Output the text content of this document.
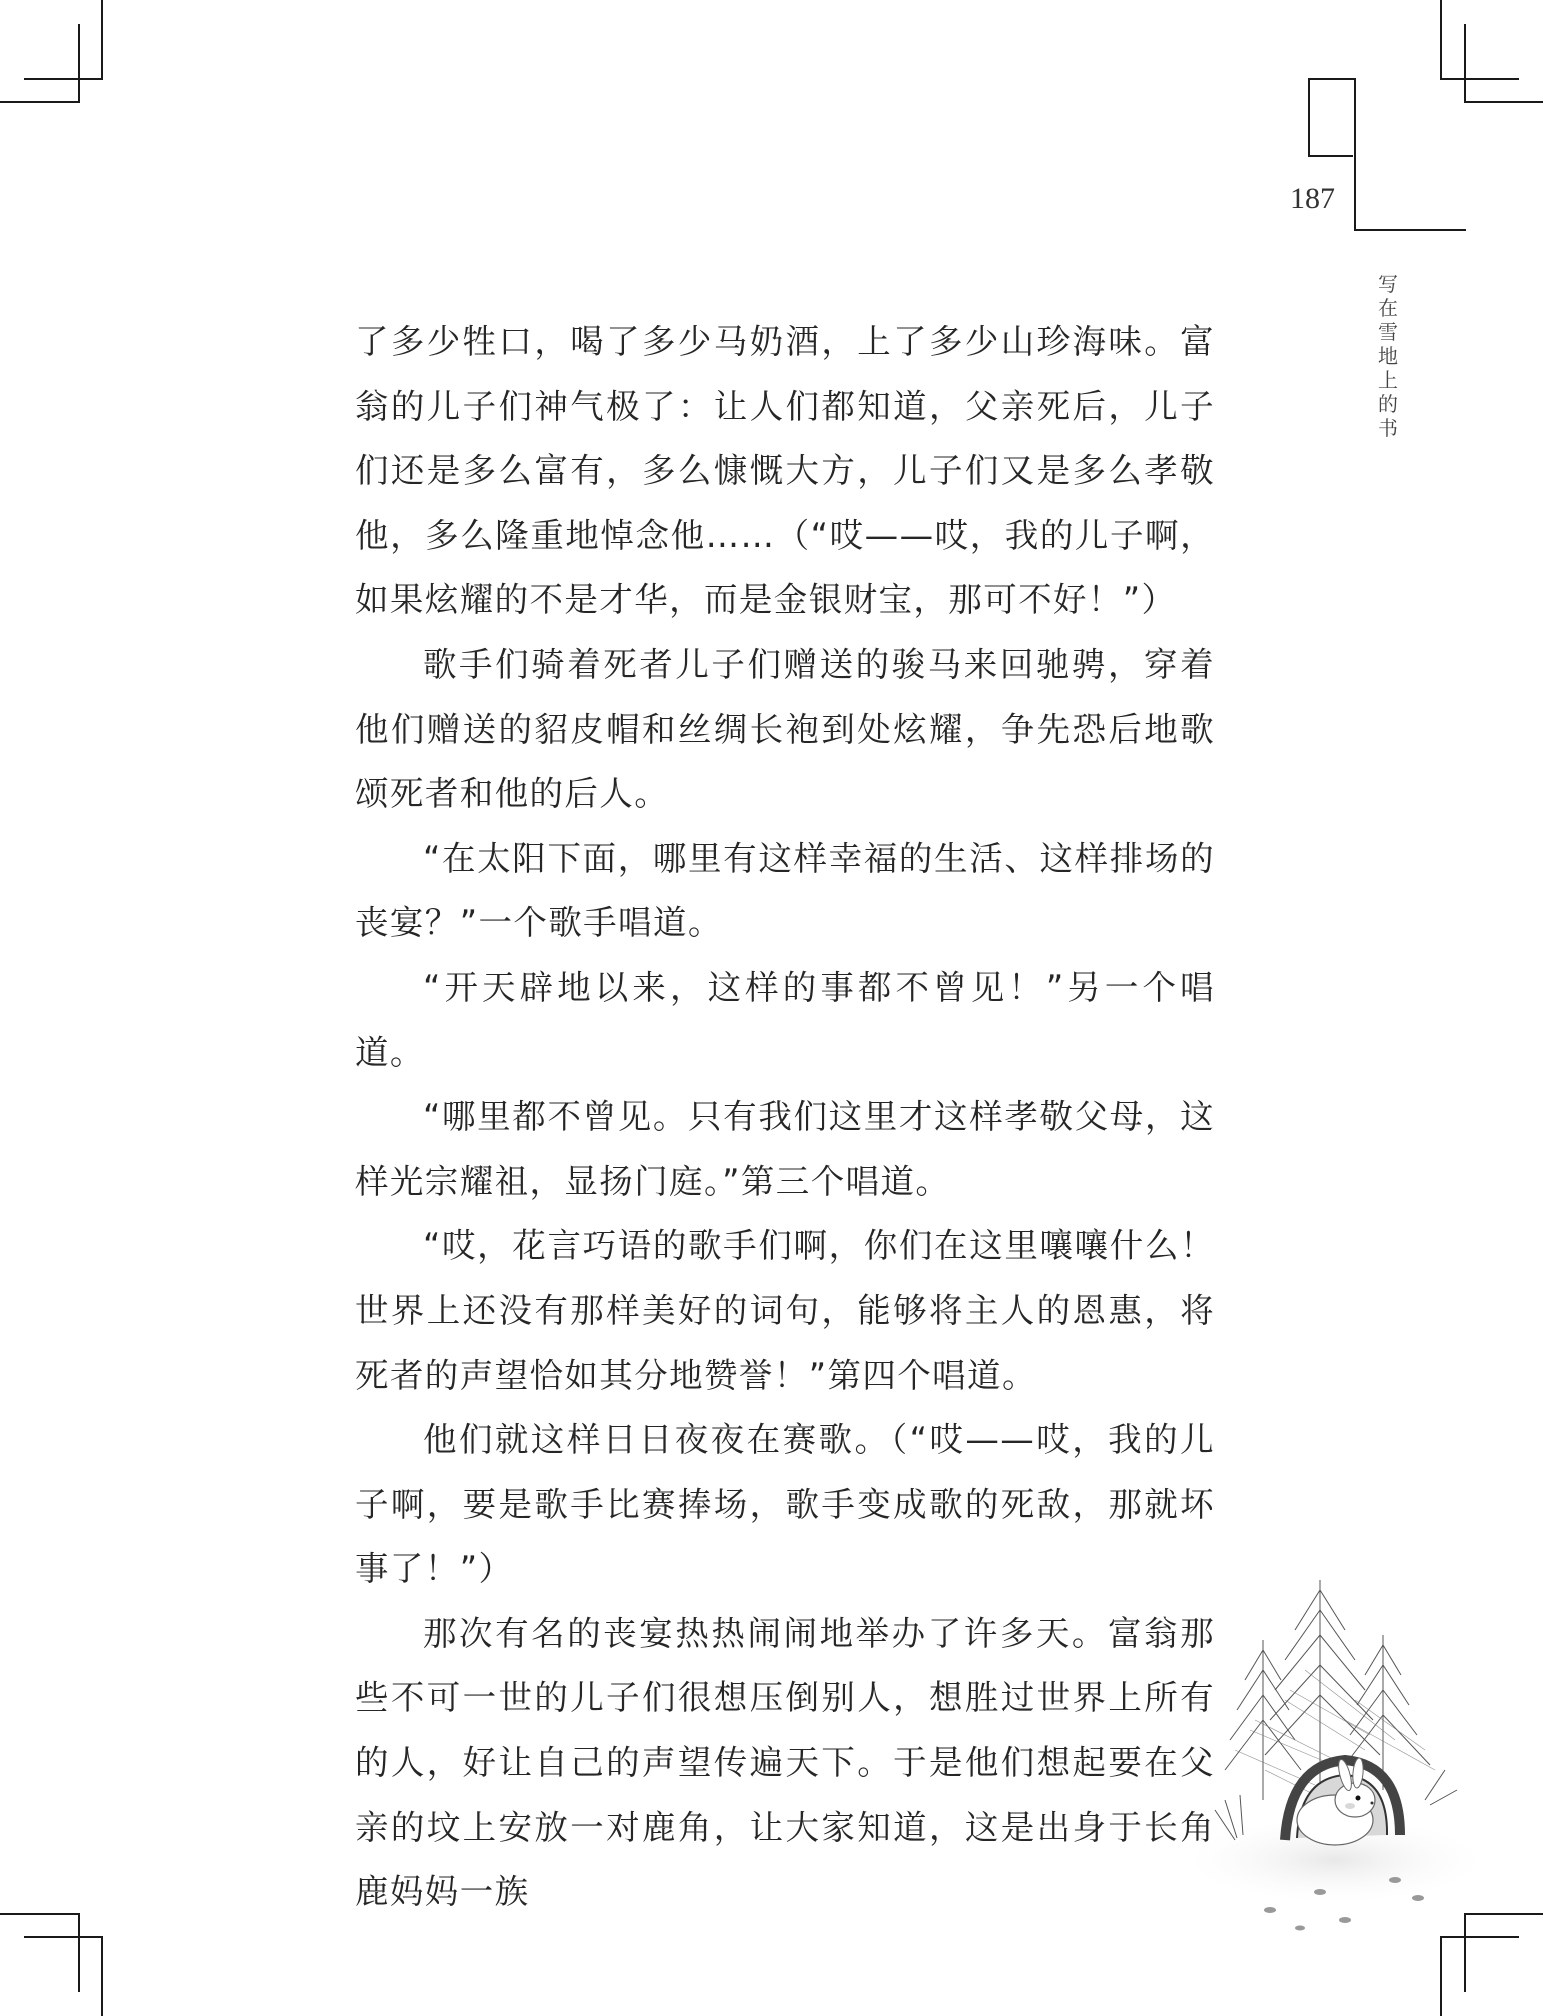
187
写
在
雪
地
上
的
书

了多少牲口，喝了多少马奶酒，上了多少山珍海味。富翁的儿子们神气极了：让人们都知道，父亲死后，儿子们还是多么富有，多么慷慨大方，儿子们又是多么孝敬他，多么隆重地悼念他……（“哎——哎，我的儿子啊，如果炫耀的不是才华，而是金银财宝，那可不好！”）

歌手们骑着死者儿子们赠送的骏马来回驰骋，穿着他们赠送的貂皮帽和丝绸长袍到处炫耀，争先恐后地歌颂死者和他的后人。

“在太阳下面，哪里有这样幸福的生活、这样排场的丧宴？”一个歌手唱道。

“开天辟地以来，这样的事都不曾见！”另一个唱道。

“哪里都不曾见。只有我们这里才这样孝敬父母，这样光宗耀祖，显扬门庭。”第三个唱道。

“哎，花言巧语的歌手们啊，你们在这里嚷嚷什么！世界上还没有那样美好的词句，能够将主人的恩惠，将死者的声望恰如其分地赞誉！”第四个唱道。

他们就这样日日夜夜在赛歌。（“哎——哎，我的儿子啊，要是歌手比赛捧场，歌手变成歌的死敌，那就坏事了！”）

那次有名的丧宴热热闹闹地举办了许多天。富翁那些不可一世的儿子们很想压倒别人，想胜过世界上所有的人，好让自己的声望传遍天下。于是他们想起要在父亲的坟上安放一对鹿角，让大家知道，这是出身于长角鹿妈妈一族
